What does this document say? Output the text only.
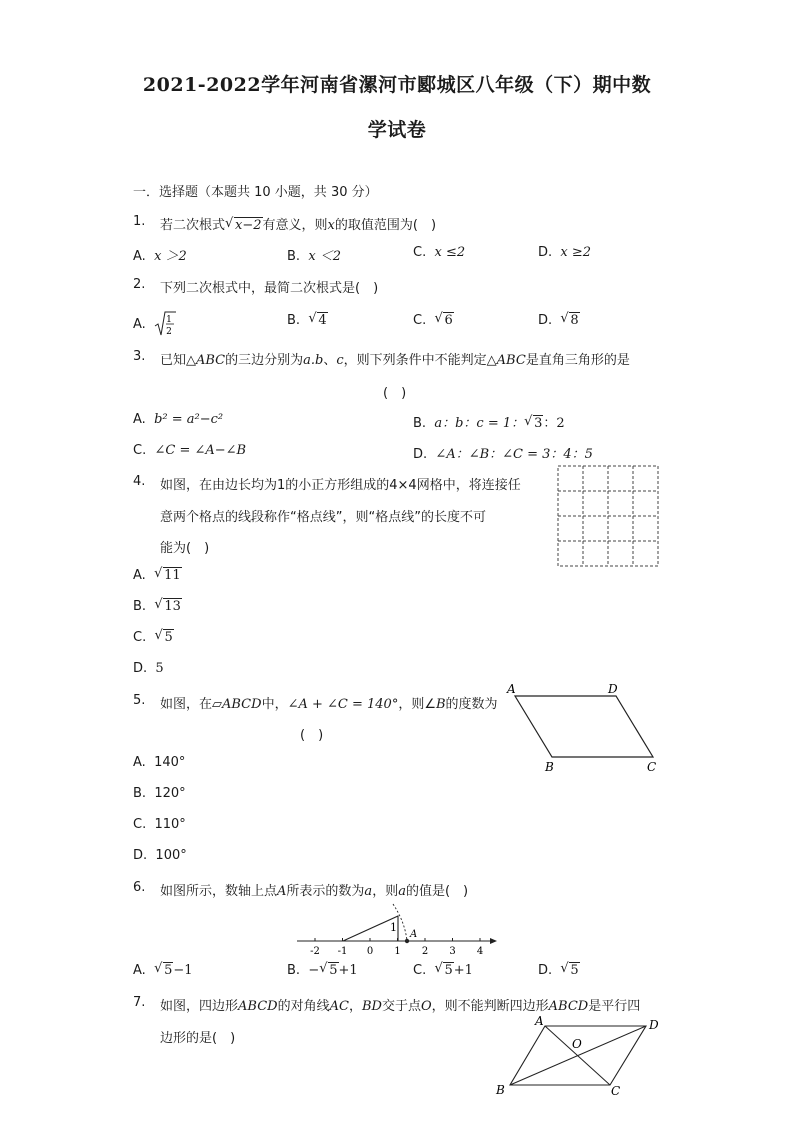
2021-2022学年河南省漯河市郾城区八年级（下）期中数
学试卷
一．选择题（本题共 10 小题，共 30 分）
1. 若二次根式 √ x−2有意义，则x的取值范围为(　)
A. x ＞2	B. x ＜2	C. x ≤2	D. x ≥2
2. 下列二次根式中，最简二次根式是(　)
A. 1
2
B. √ 4	C. √ 6	D. √ 8
3. 已知△ABC的三边分别为a.b、c，则下列条件中不能判定△ABC是直角三角形的是
(　)
A. b² = a²−c²	B. a：b：c = 1： √ 3：2
C. ∠C = ∠A−∠B	D. ∠A：∠B：∠C = 3：4：5
4. 如图，在由边长均为1的小正方形组成的4×4网格中，将连接任
意两个格点的线段称作“格点线”，则“格点线”的长度不可
能为(　)
A. √ 11
B. √ 13
C. √ 5
D. 5
5. 如图，在▱ABCD中，∠A + ∠C = 140°，则∠B的度数为
(　)
A	D
B	C
A. 140°
B. 120°
C. 110°
D. 100°
6. 如图所示，数轴上点A所表示的数为a，则a的值是(　)
-2 -1 0 1 2 3 4
1
A
A. √ 5−1	B. − √ 5+1	C. √ 5+1	D. √ 5
7. 如图，四边形ABCD的对角线AC，BD交于点O，则不能判断四边形ABCD是平行四
边形的是(　)
A	D
B	C
O
